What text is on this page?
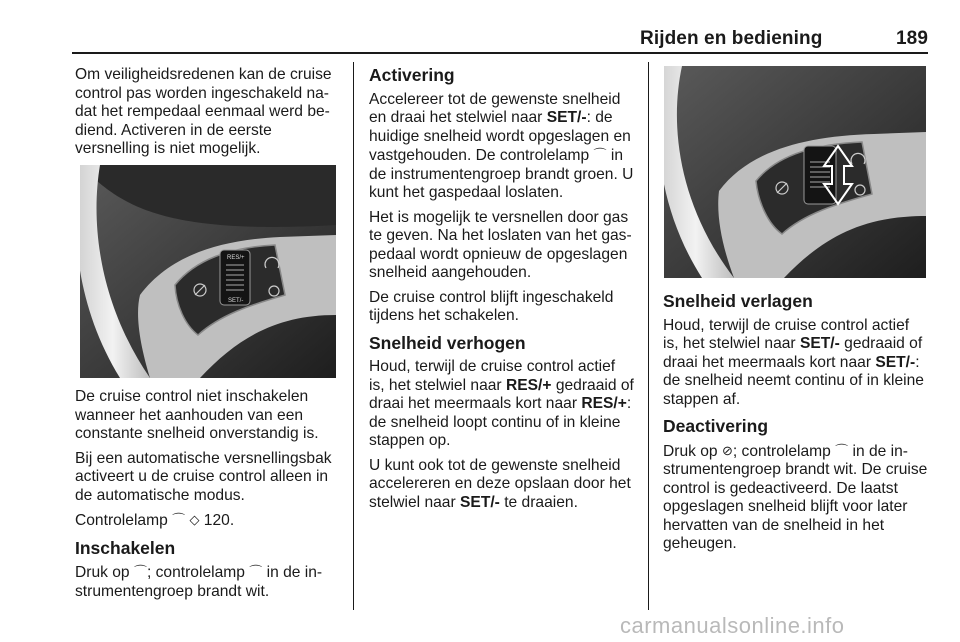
Rijden en bediening	189

Om veiligheidsredenen kan de cruise control pas worden ingeschakeld na-dat het rempedaal eenmaal werd be-diend. Activeren in de eerste versnelling is niet mogelijk.

RES/+
SET/-

De cruise control niet inschakelen wanneer het aanhouden van een constante snelheid onverstandig is.

Bij een automatische versnellingsbak activeert u de cruise control alleen in de automatische modus.

Controlelamp ⌒ ◇ 120.

Inschakelen

Druk op ⌒; controlelamp ⌒ in de in-strumentengroep brandt wit.

Activering

Accelereer tot de gewenste snelheid en draai het stelwiel naar SET/-: de huidige snelheid wordt opgeslagen en vastgehouden. De controlelamp ⌒ in de instrumentengroep brandt groen. U kunt het gaspedaal loslaten.

Het is mogelijk te versnellen door gas te geven. Na het loslaten van het gas-pedaal wordt opnieuw de opgeslagen snelheid aangehouden.

De cruise control blijft ingeschakeld tijdens het schakelen.

Snelheid verhogen

Houd, terwijl de cruise control actief is, het stelwiel naar RES/+ gedraaid of draai het meermaals kort naar RES/+: de snelheid loopt continu of in kleine stappen op.

U kunt ook tot de gewenste snelheid accelereren en deze opslaan door het stelwiel naar SET/- te draaien.

Snelheid verlagen

Houd, terwijl de cruise control actief is, het stelwiel naar SET/- gedraaid of draai het meermaals kort naar SET/-: de snelheid neemt continu of in kleine stappen af.

Deactivering

Druk op ⊘; controlelamp ⌒ in de in-strumentengroep brandt wit. De cruise control is gedeactiveerd. De laatst opgeslagen snelheid blijft voor later hervatten van de snelheid in het geheugen.

carmanualsonline.info
